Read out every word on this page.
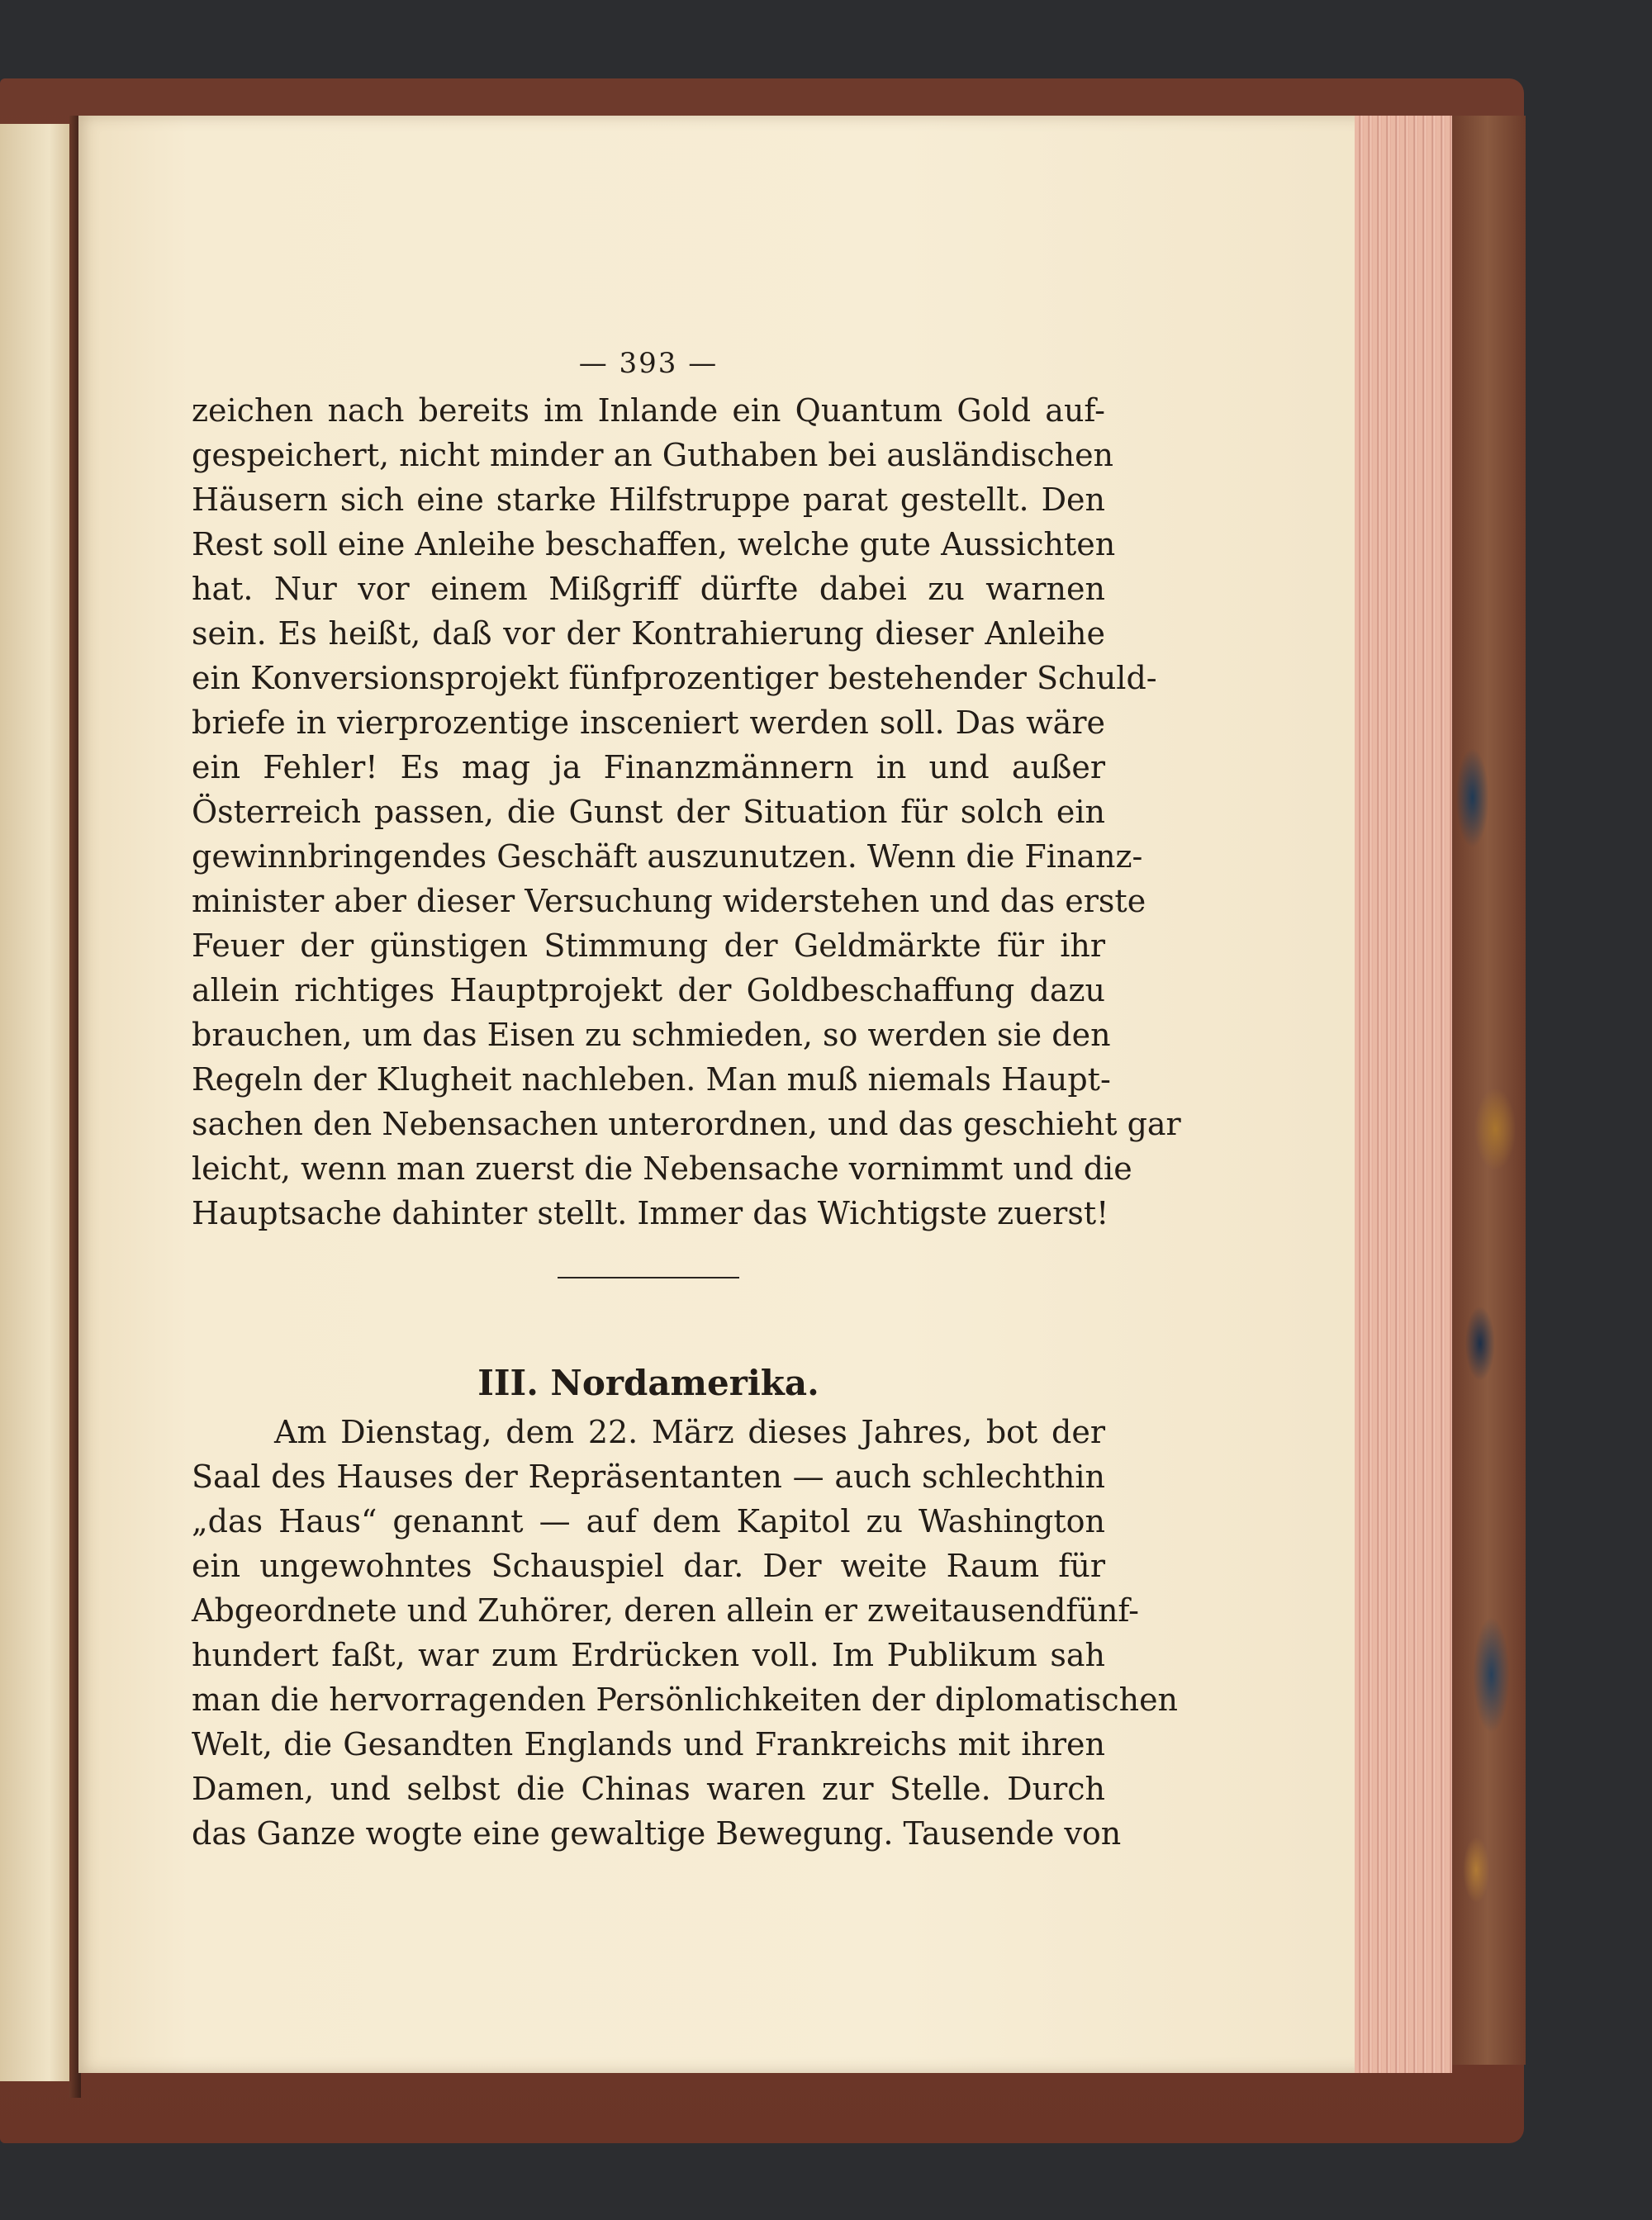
— 393 —
zeichen nach bereits im Inlande ein Quantum Gold auf-
gespeichert, nicht minder an Guthaben bei ausländischen
Häusern sich eine starke Hilfstruppe parat gestellt. Den
Rest soll eine Anleihe beschaffen, welche gute Aussichten
hat. Nur vor einem Mißgriff dürfte dabei zu warnen
sein. Es heißt, daß vor der Kontrahierung dieser Anleihe
ein Konversionsprojekt fünfprozentiger bestehender Schuld-
briefe in vierprozentige insceniert werden soll. Das wäre
ein Fehler! Es mag ja Finanzmännern in und außer
Österreich passen, die Gunst der Situation für solch ein
gewinnbringendes Geschäft auszunutzen. Wenn die Finanz-
minister aber dieser Versuchung widerstehen und das erste
Feuer der günstigen Stimmung der Geldmärkte für ihr
allein richtiges Hauptprojekt der Goldbeschaffung dazu
brauchen, um das Eisen zu schmieden, so werden sie den
Regeln der Klugheit nachleben. Man muß niemals Haupt-
sachen den Nebensachen unterordnen, und das geschieht gar
leicht, wenn man zuerst die Nebensache vornimmt und die
Hauptsache dahinter stellt. Immer das Wichtigste zuerst!
III. Nordamerika.
Am Dienstag, dem 22. März dieses Jahres, bot der
Saal des Hauses der Repräsentanten — auch schlechthin
„das Haus“ genannt — auf dem Kapitol zu Washington
ein ungewohntes Schauspiel dar. Der weite Raum für
Abgeordnete und Zuhörer, deren allein er zweitausendfünf-
hundert faßt, war zum Erdrücken voll. Im Publikum sah
man die hervorragenden Persönlichkeiten der diplomatischen
Welt, die Gesandten Englands und Frankreichs mit ihren
Damen, und selbst die Chinas waren zur Stelle. Durch
das Ganze wogte eine gewaltige Bewegung. Tausende von
